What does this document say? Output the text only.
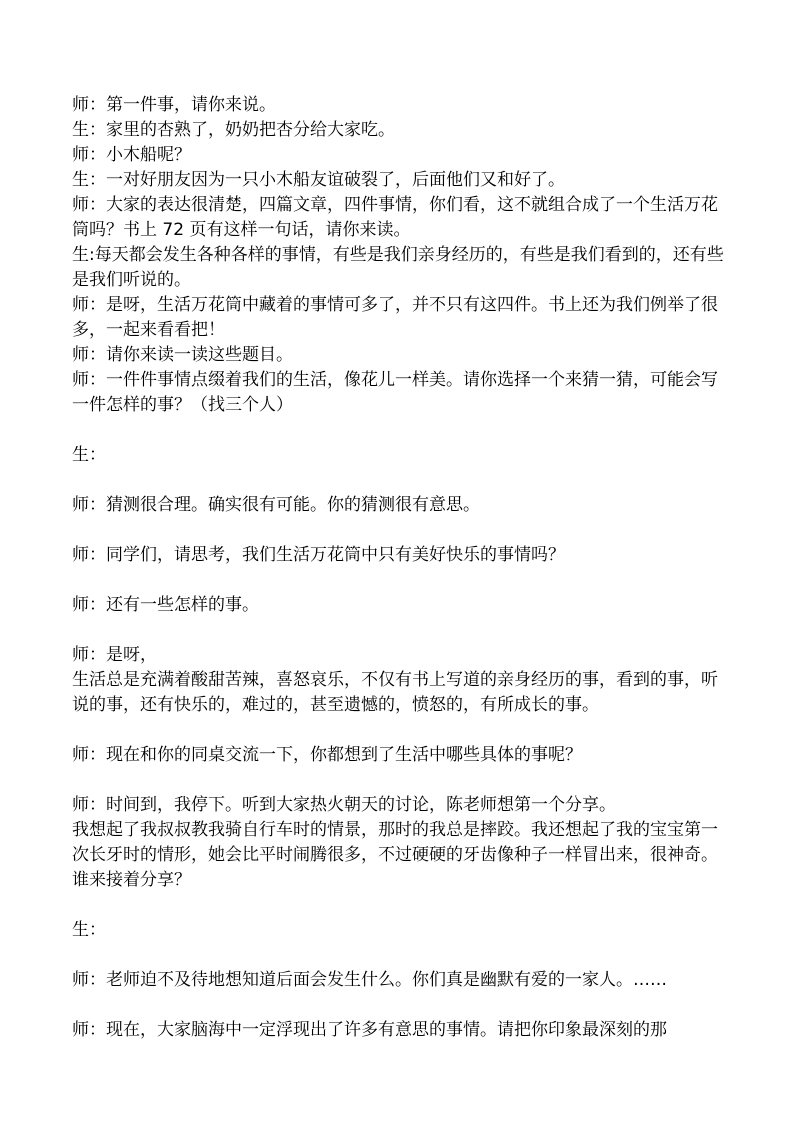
师：第一件事，请你来说。

生：家里的杏熟了，奶奶把杏分给大家吃。

师：小木船呢？

生：一对好朋友因为一只小木船友谊破裂了，后面他们又和好了。

师：大家的表达很清楚，四篇文章，四件事情，你们看，这不就组合成了一个生活万花筒吗？书上 72 页有这样一句话，请你来读。

生:每天都会发生各种各样的事情，有些是我们亲身经历的，有些是我们看到的，还有些是我们听说的。

师：是呀，生活万花筒中藏着的事情可多了，并不只有这四件。书上还为我们例举了很多，一起来看看把！

师：请你来读一读这些题目。

师：一件件事情点缀着我们的生活，像花儿一样美。请你选择一个来猜一猜，可能会写一件怎样的事？（找三个人）

生：

师：猜测很合理。确实很有可能。你的猜测很有意思。

师：同学们，请思考，我们生活万花筒中只有美好快乐的事情吗？

师：还有一些怎样的事。

师：是呀，

生活总是充满着酸甜苦辣，喜怒哀乐，不仅有书上写道的亲身经历的事，看到的事，听说的事，还有快乐的，难过的，甚至遗憾的，愤怒的，有所成长的事。

师：现在和你的同桌交流一下，你都想到了生活中哪些具体的事呢？

师：时间到，我停下。听到大家热火朝天的讨论，陈老师想第一个分享。

我想起了我叔叔教我骑自行车时的情景，那时的我总是摔跤。我还想起了我的宝宝第一次长牙时的情形，她会比平时闹腾很多，不过硬硬的牙齿像种子一样冒出来，很神奇。

谁来接着分享？

生：

师：老师迫不及待地想知道后面会发生什么。你们真是幽默有爱的一家人。……

师：现在，大家脑海中一定浮现出了许多有意思的事情。请把你印象最深刻的那
